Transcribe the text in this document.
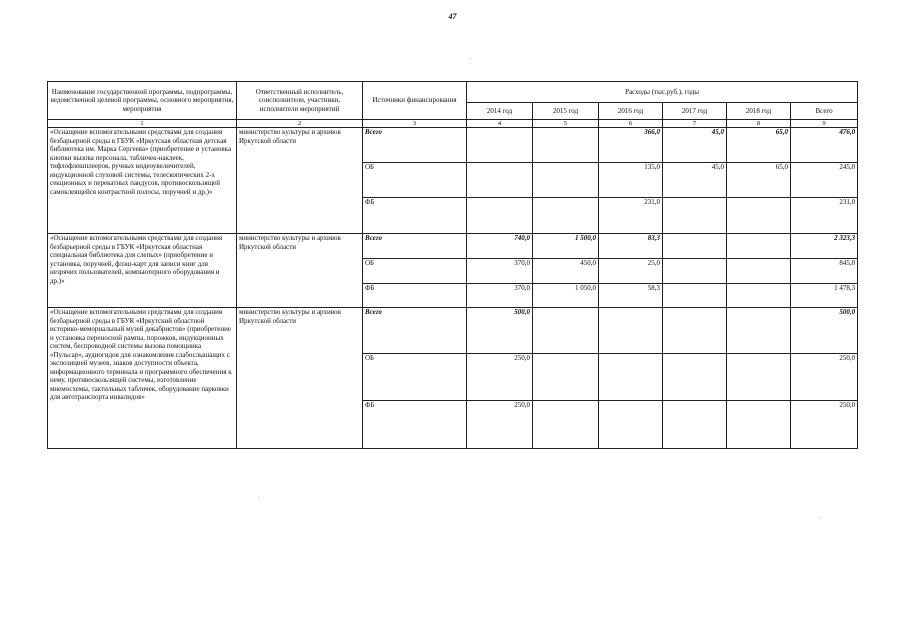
47
Наименование государственной программы, подпрограммы, ведомственной целевой программы, основного мероприятия, мероприятия	Ответственный исполнитель, соисполнители, участники, исполнители мероприятий	Источники финансирования	Расходы (тыс.руб.), годы					
			2014 год	2015 год	2016 год	2017 год	2018 год	Всего
1	2	3	4	5	6	7	8	9
«Оснащение вспомогательными средствами для создания безбарьерной среды в ГБУК «Иркутская областная детская библиотека им. Марка Сергеева» (приобретение и установка кнопки вызова персонала, табличек-наклеек, тифлофлешплееров, ручных видеоувеличителей, индукционной слуховой системы, телескопических 2-х секционных и перекатных пандусов, противоскользящей самоклеящейся контрастной полосы, поручней и др.)»	министерство культуры и архивов Иркутской области	Всего			366,0	45,0	65,0	476,0
		ОБ			135,0	45,0	65,0	245,0
		ФБ			231,0			231,0
«Оснащение вспомогательными средствами для создания безбарьерной среды в ГБУК «Иркутская областная специальная библиотека для слепых» (приобретение и установка, поручней, флэш-карт для записи книг для незрячих пользователей, компьютерного оборудования и др.)»	министерство культуры и архивов Иркутской области	Всего	740,0	1 500,0	83,3			2 323,3
		ОБ	370,0	450,0	25,0			845,0
		ФБ	370,0	1 050,0	58,3			1 478,3
«Оснащение вспомогательными средствами для создания безбарьерной среды в ГБУК «Иркутский областной историко-мемориальный музей декабристов» (приобретение и установка переносной рампы, порожков, индукционных систем, беспроводной системы вызова помощника «Пульсар», аудиогидов для ознакомления слабослышащих с экспозицией музеев, знаков доступности объекта, информационного терминала и программного обеспечения к нему, противоскользящей системы, изготовление мнемосхемы, тактильных табличек, оборудование парковки для автотранспорта инвалидов»	министерство культуры и архивов Иркутской области	Всего	500,0					500,0
		ОБ	250,0					250,0
		ФБ	250,0					250,0
